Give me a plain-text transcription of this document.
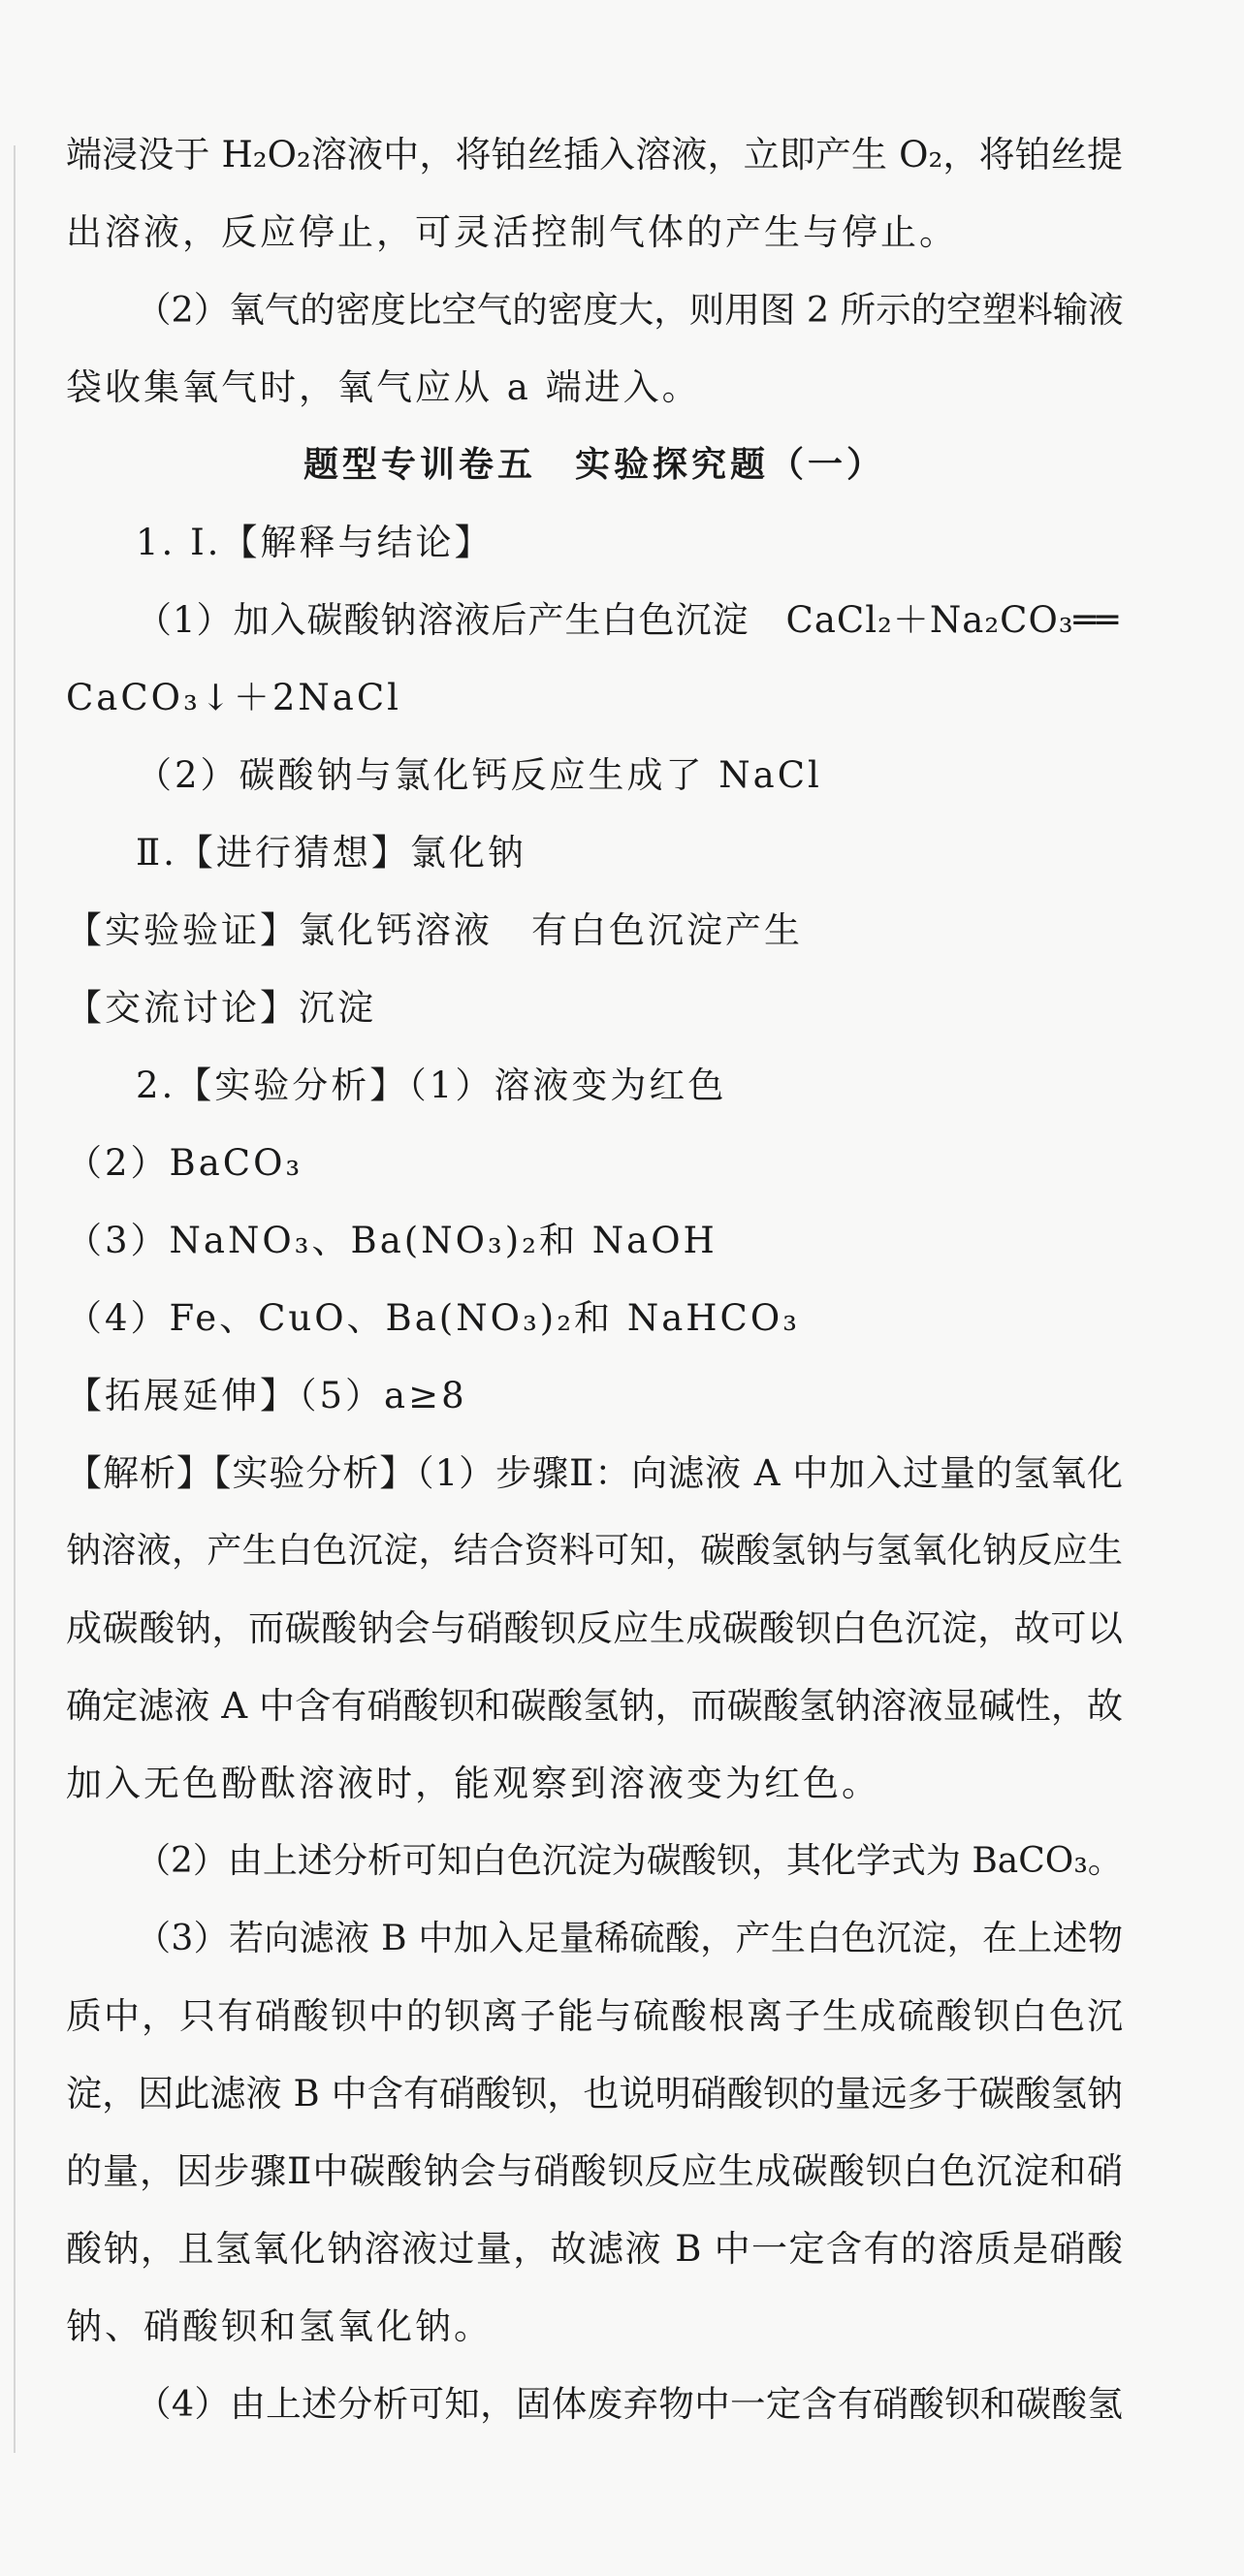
端浸没于 H₂O₂溶液中，将铂丝插入溶液，立即产生 O₂，将铂丝提
出溶液，反应停止，可灵活控制气体的产生与停止。
（2）氧气的密度比空气的密度大，则用图 2 所示的空塑料输液
袋收集氧气时，氧气应从 a 端进入。
题型专训卷五　实验探究题（一）
1. Ⅰ.【解释与结论】
（1）加入碳酸钠溶液后产生白色沉淀　CaCl₂＋Na₂CO₃══
CaCO₃↓＋2NaCl
（2）碳酸钠与氯化钙反应生成了 NaCl
Ⅱ.【进行猜想】氯化钠
【实验验证】氯化钙溶液　有白色沉淀产生
【交流讨论】沉淀
2.【实验分析】（1）溶液变为红色
（2）BaCO₃
（3）NaNO₃、Ba(NO₃)₂和 NaOH
（4）Fe、CuO、Ba(NO₃)₂和 NaHCO₃
【拓展延伸】（5）a≥8
【解析】【实验分析】（1）步骤Ⅱ：向滤液 A 中加入过量的氢氧化
钠溶液，产生白色沉淀，结合资料可知，碳酸氢钠与氢氧化钠反应生
成碳酸钠，而碳酸钠会与硝酸钡反应生成碳酸钡白色沉淀，故可以
确定滤液 A 中含有硝酸钡和碳酸氢钠，而碳酸氢钠溶液显碱性，故
加入无色酚酞溶液时，能观察到溶液变为红色。
（2）由上述分析可知白色沉淀为碳酸钡，其化学式为 BaCO₃。
（3）若向滤液 B 中加入足量稀硫酸，产生白色沉淀，在上述物
质中，只有硝酸钡中的钡离子能与硫酸根离子生成硫酸钡白色沉
淀，因此滤液 B 中含有硝酸钡，也说明硝酸钡的量远多于碳酸氢钠
的量，因步骤Ⅱ中碳酸钠会与硝酸钡反应生成碳酸钡白色沉淀和硝
酸钠，且氢氧化钠溶液过量，故滤液 B 中一定含有的溶质是硝酸
钠、硝酸钡和氢氧化钠。
（4）由上述分析可知，固体废弃物中一定含有硝酸钡和碳酸氢
